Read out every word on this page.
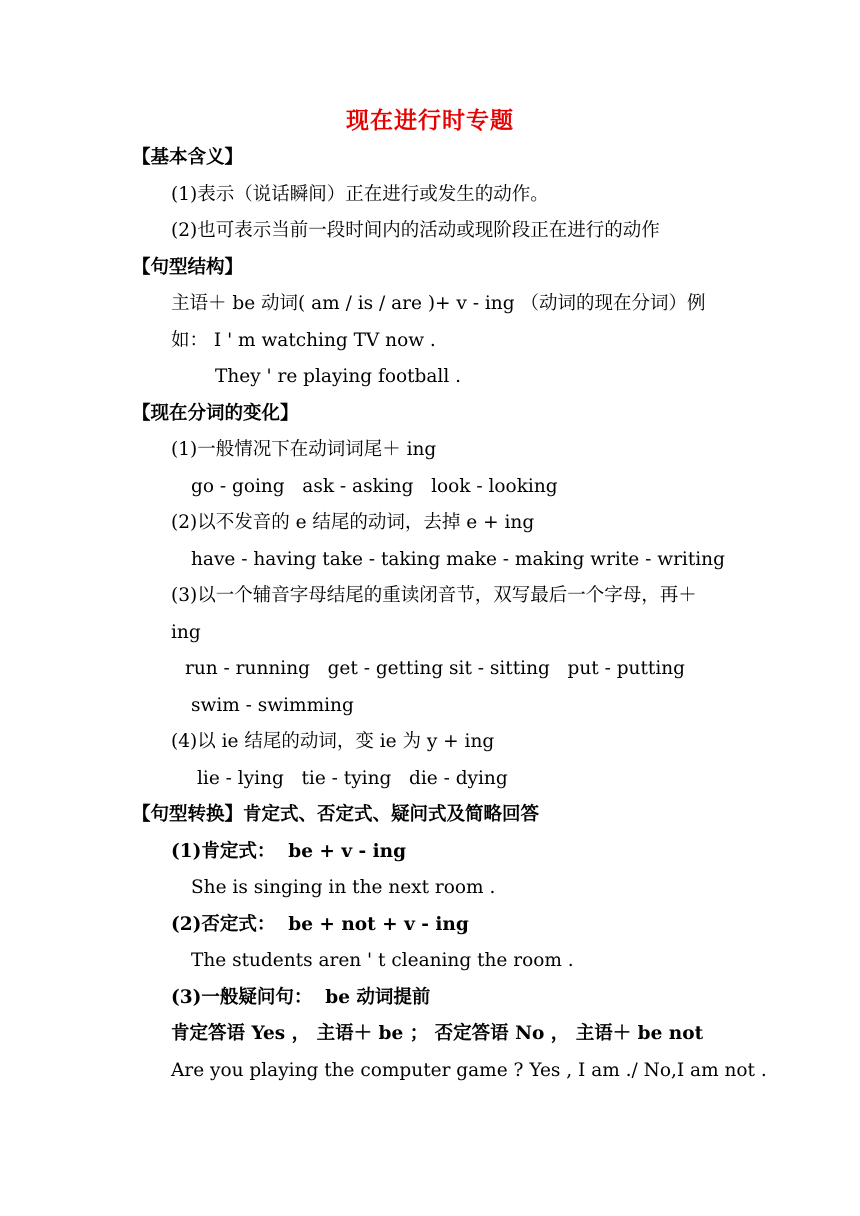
现在进行时专题
【基本含义】
(1)表示（说话瞬间）正在进行或发生的动作。
(2)也可表示当前一段时间内的活动或现阶段正在进行的动作
【句型结构】
主语＋ be 动词( am / is / are )+ v - ing （动词的现在分词）例
如： I ' m watching TV now .
They ' re playing football .
【现在分词的变化】
(1)一般情况下在动词词尾＋ ing
go - going   ask - asking   look - looking
(2)以不发音的 e 结尾的动词，去掉 e + ing
have - having take - taking make - making write - writing
(3)以一个辅音字母结尾的重读闭音节，双写最后一个字母，再＋
ing
run - running   get - getting sit - sitting   put - putting
swim - swimming
(4)以 ie 结尾的动词，变 ie 为 y + ing
lie - lying   tie - tying   die - dying
【句型转换】肯定式、否定式、疑问式及简略回答
(1)肯定式：  be + v - ing
She is singing in the next room .
(2)否定式：  be + not + v - ing
The students aren ' t cleaning the room .
(3)一般疑问句：  be 动词提前
肯定答语 Yes ， 主语＋ be ； 否定答语 No ， 主语＋ be not
Are you playing the computer game ? Yes , I am ./ No,I am not .
